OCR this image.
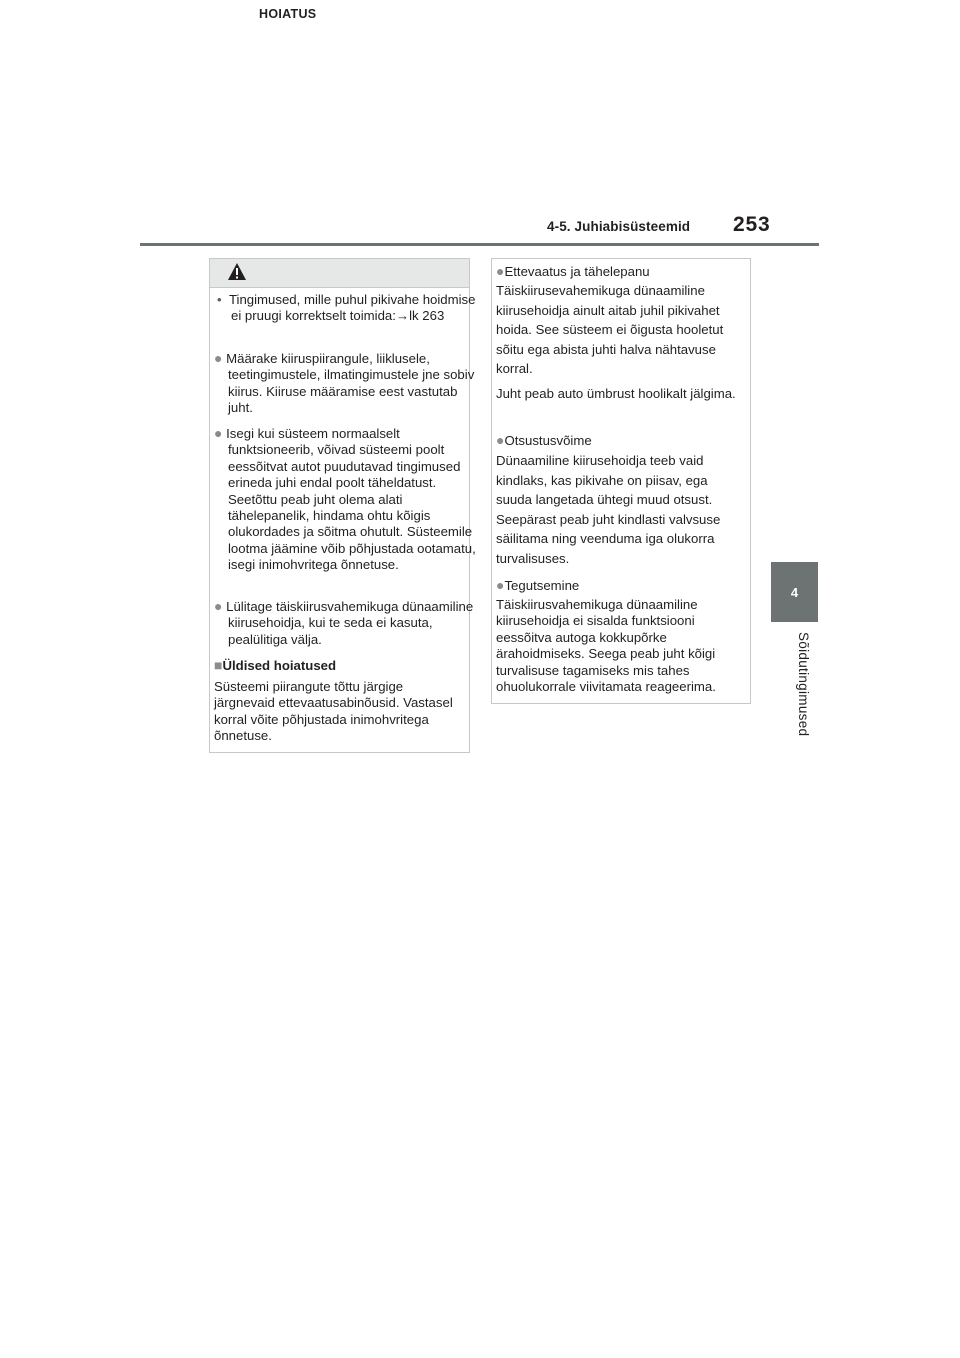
4-5. Juhiabisüsteemid 253
4
Sõidutingimused

• Tingimused, mille puhul pikivahe hoidmise ei pruugi korrektselt toimida:→lk 263

● Määrake kiiruspiirangule, liiklusele, teetingimustele, ilmatingimustele jne sobiv kiirus. Kiiruse määramise eest vastutab juht.

● Isegi kui süsteem normaalselt funktsioneerib, võivad süsteemi poolt eessõitvat autot puudutavad tingimused erineda juhi endal poolt täheldatust. Seetõttu peab juht olema alati tähelepanelik, hindama ohtu kõigis olukordades ja sõitma ohutult. Süsteemile lootma jäämine võib põhjustada ootamatu, isegi inimohvritega õnnetuse.

● Lülitage täiskiirusvahemikuga dünaamiline kiirusehoidja, kui te seda ei kasuta, pealülitiga välja.

■Üldised hoiatused

Süsteemi piirangute tõttu järgige järgnevaid ettevaatusabinõusid. Vastasel korral võite põhjustada inimohvritega õnnetuse.

HOIATUS

●Ettevaatus ja tähelepanu

Täiskiirusevahemikuga dünaamiline kiirusehoidja ainult aitab juhil pikivahet hoida. See süsteem ei õigusta hooletut sõitu ega abista juhti halva nähtavuse korral.

Juht peab auto ümbrust hoolikalt jälgima.

●Otsustusvõime

Dünaamiline kiirusehoidja teeb vaid kindlaks, kas pikivahe on piisav, ega suuda langetada ühtegi muud otsust. Seepärast peab juht kindlasti valvsuse säilitama ning veenduma iga olukorra turvalisuses.

●Tegutsemine

Täiskiirusvahemikuga dünaamiline kiirusehoidja ei sisalda funktsiooni eessõitva autoga kokkupõrke ärahoidmiseks. Seega peab juht kõigi turvalisuse tagamiseks mis tahes ohuolukorrale viivitamata reageerima.
